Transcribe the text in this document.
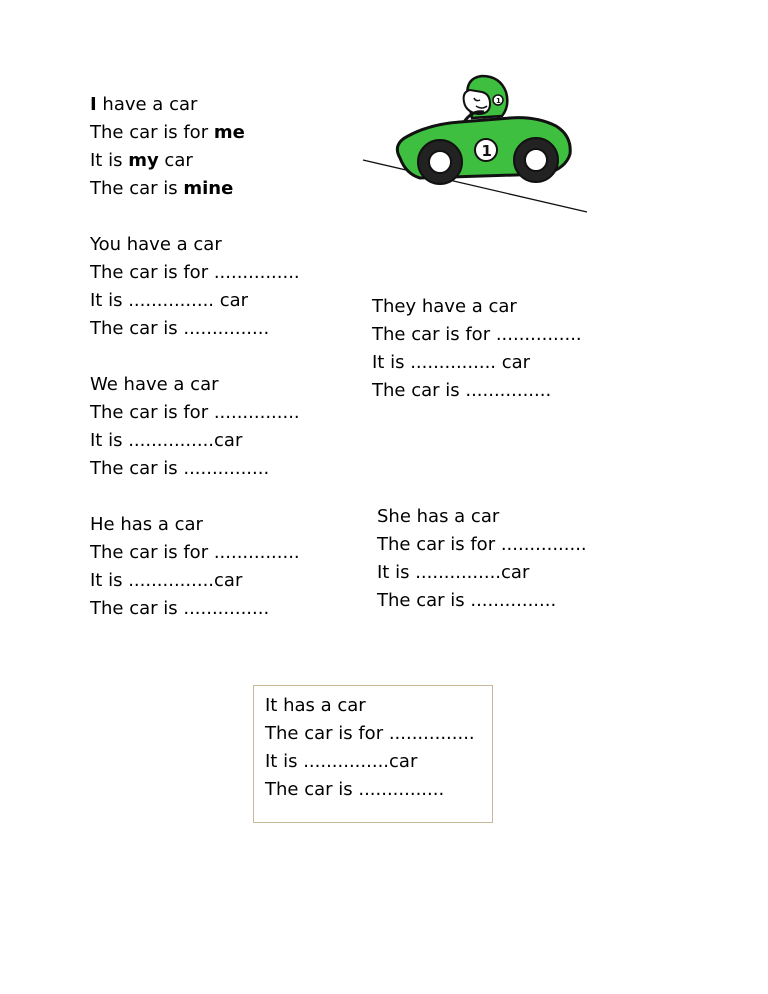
I have a car
The car is for me
It is my car
The car is mine
You have a car
The car is for ...............
It is ............... car
The car is ...............
We have a car
The car is for ...............
It is ...............car
The car is ...............
He has a car
The car is for ...............
It is ...............car
The car is ...............
They have a car
The car is for ...............
It is ............... car
The car is ...............
She has a car
The car is for ...............
It is ...............car
The car is ...............
It has a car
The car is for ...............
It is ...............car
The car is ...............
1
1
